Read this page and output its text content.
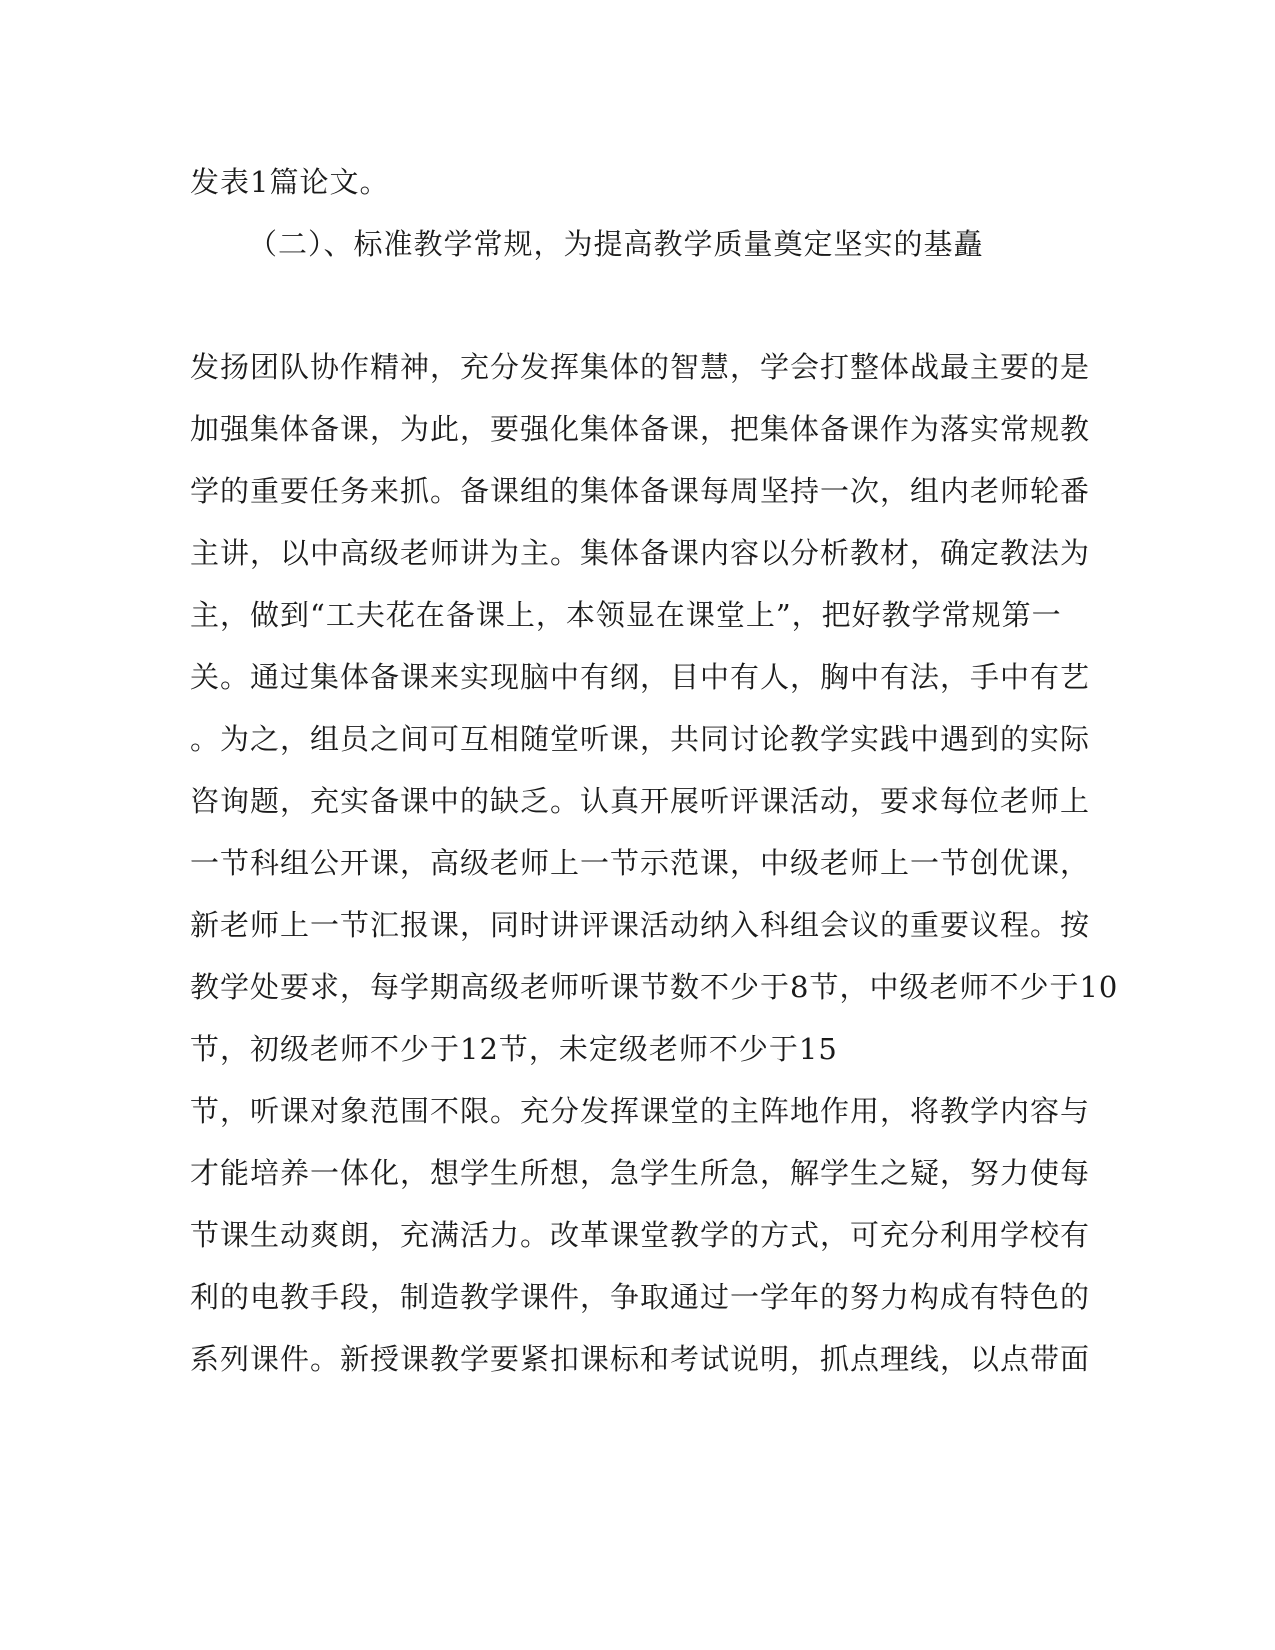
发表1篇论文。
（二）、标准教学常规，为提高教学质量奠定坚实的基矗
发扬团队协作精神，充分发挥集体的智慧，学会打整体战最主要的是
加强集体备课，为此，要强化集体备课，把集体备课作为落实常规教
学的重要任务来抓。备课组的集体备课每周坚持一次，组内老师轮番
主讲，以中高级老师讲为主。集体备课内容以分析教材，确定教法为
主，做到“工夫花在备课上，本领显在课堂上”，把好教学常规第一
关。通过集体备课来实现脑中有纲，目中有人，胸中有法，手中有艺
。为之，组员之间可互相随堂听课，共同讨论教学实践中遇到的实际
咨询题，充实备课中的缺乏。认真开展听评课活动，要求每位老师上
一节科组公开课，高级老师上一节示范课，中级老师上一节创优课，
新老师上一节汇报课，同时讲评课活动纳入科组会议的重要议程。按
教学处要求，每学期高级老师听课节数不少于8节，中级老师不少于10
节，初级老师不少于12节，未定级老师不少于15
节，听课对象范围不限。充分发挥课堂的主阵地作用，将教学内容与
才能培养一体化，想学生所想，急学生所急，解学生之疑，努力使每
节课生动爽朗，充满活力。改革课堂教学的方式，可充分利用学校有
利的电教手段，制造教学课件，争取通过一学年的努力构成有特色的
系列课件。新授课教学要紧扣课标和考试说明，抓点理线，以点带面
